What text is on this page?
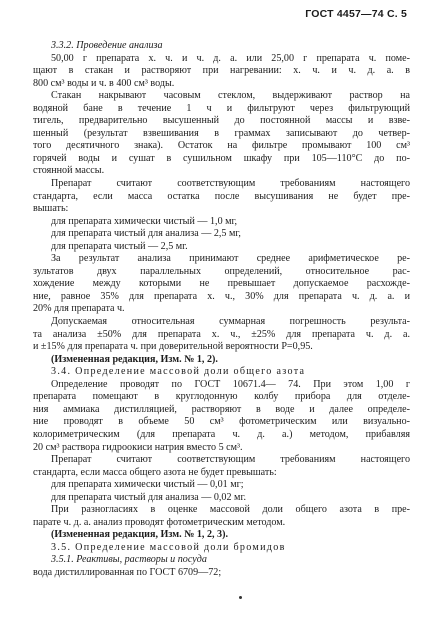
ГОСТ 4457—74 С. 5
3.3.2. Проведение анализа
50,00 г препарата х. ч. и ч. д. а. или 25,00 г препарата ч. поме-
щают в стакан и растворяют при нагревании: х. ч. и ч. д. а. в
800 см³ воды и ч. в 400 см³ воды.
Стакан накрывают часовым стеклом, выдерживают раствор на
водяной бане в течение 1 ч и фильтруют через фильтрующий
тигель, предварительно высушенный до постоянной массы и взве-
шенный (результат взвешивания в граммах записывают до четвер-
того десятичного знака). Остаток на фильтре промывают 100 см³
горячей воды и сушат в сушильном шкафу при 105—110°С до по-
стоянной массы.
Препарат считают соответствующим требованиям настоящего
стандарта, если масса остатка после высушивания не будет пре-
вышать:
для препарата химически чистый — 1,0 мг,
для препарата чистый для анализа — 2,5 мг,
для препарата чистый — 2,5 мг.
За результат анализа принимают среднее арифметическое ре-
зультатов двух параллельных определений, относительное рас-
хождение между которыми не превышает допускаемое расхожде-
ние, равное 35% для препарата х. ч., 30% для препарата ч. д. а. и
20% для препарата ч.
Допускаемая относительная суммарная погрешность результа-
та анализа ±50% для препарата х. ч., ±25% для препарата ч. д. а.
и ±15% для препарата ч. при доверительной вероятности P=0,95.
(Измененная редакция, Изм. № 1, 2).
3.4. Определение массовой доли общего азота
Определение проводят по ГОСТ 10671.4— 74. При этом 1,00 г
препарата помещают в круглодонную колбу прибора для отделе-
ния аммиака дистилляцией, растворяют в воде и далее определе-
ние проводят в объеме 50 см³ фотометрическим или визуально-
колориметрическим (для препарата ч. д. а.) методом, прибавляя
20 см³ раствора гидроокиси натрия вместо 5 см³.
Препарат считают соответствующим требованиям настоящего
стандарта, если масса общего азота не будет превышать:
для препарата химически чистый — 0,01 мг;
для препарата чистый для анализа — 0,02 мг.
При разногласиях в оценке массовой доли общего азота в пре-
парате ч. д. а. анализ проводят фотометрическим методом.
(Измененная редакция, Изм. № 1, 2, 3).
3.5. Определение массовой доли бромидов
3.5.1. Реактивы, растворы и посуда
вода дистиллированная по ГОСТ 6709—72;
